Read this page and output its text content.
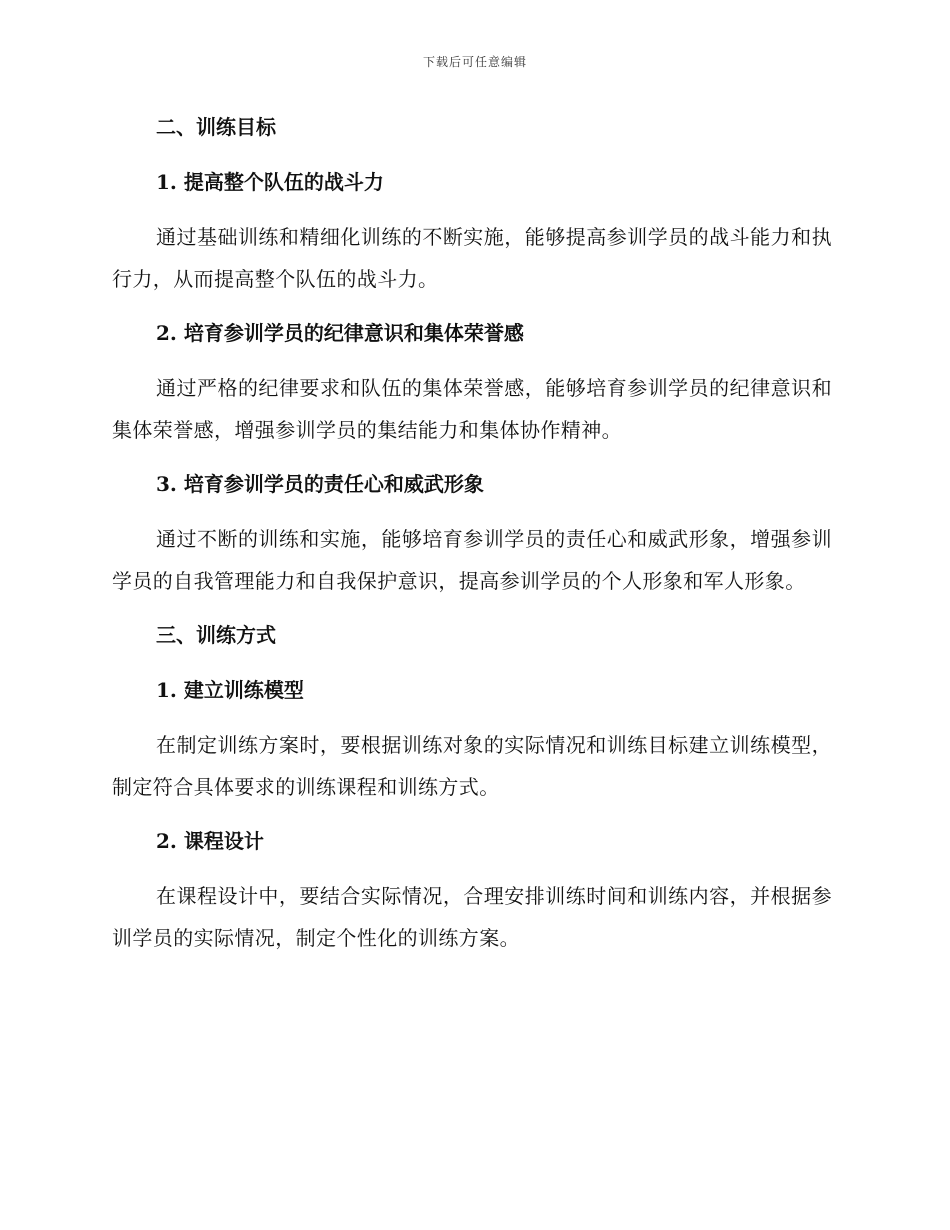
下载后可任意编辑
二、训练目标
1. 提高整个队伍的战斗力

通过基础训练和精细化训练的不断实施，能够提高参训学员的战斗能力和执行力，从而提高整个队伍的战斗力。

2. 培育参训学员的纪律意识和集体荣誉感

通过严格的纪律要求和队伍的集体荣誉感，能够培育参训学员的纪律意识和集体荣誉感，增强参训学员的集结能力和集体协作精神。

3. 培育参训学员的责任心和威武形象

通过不断的训练和实施，能够培育参训学员的责任心和威武形象，增强参训学员的自我管理能力和自我保护意识，提高参训学员的个人形象和军人形象。

三、训练方式
1. 建立训练模型

在制定训练方案时，要根据训练对象的实际情况和训练目标建立训练模型，制定符合具体要求的训练课程和训练方式。

2. 课程设计

在课程设计中，要结合实际情况，合理安排训练时间和训练内容，并根据参训学员的实际情况，制定个性化的训练方案。
